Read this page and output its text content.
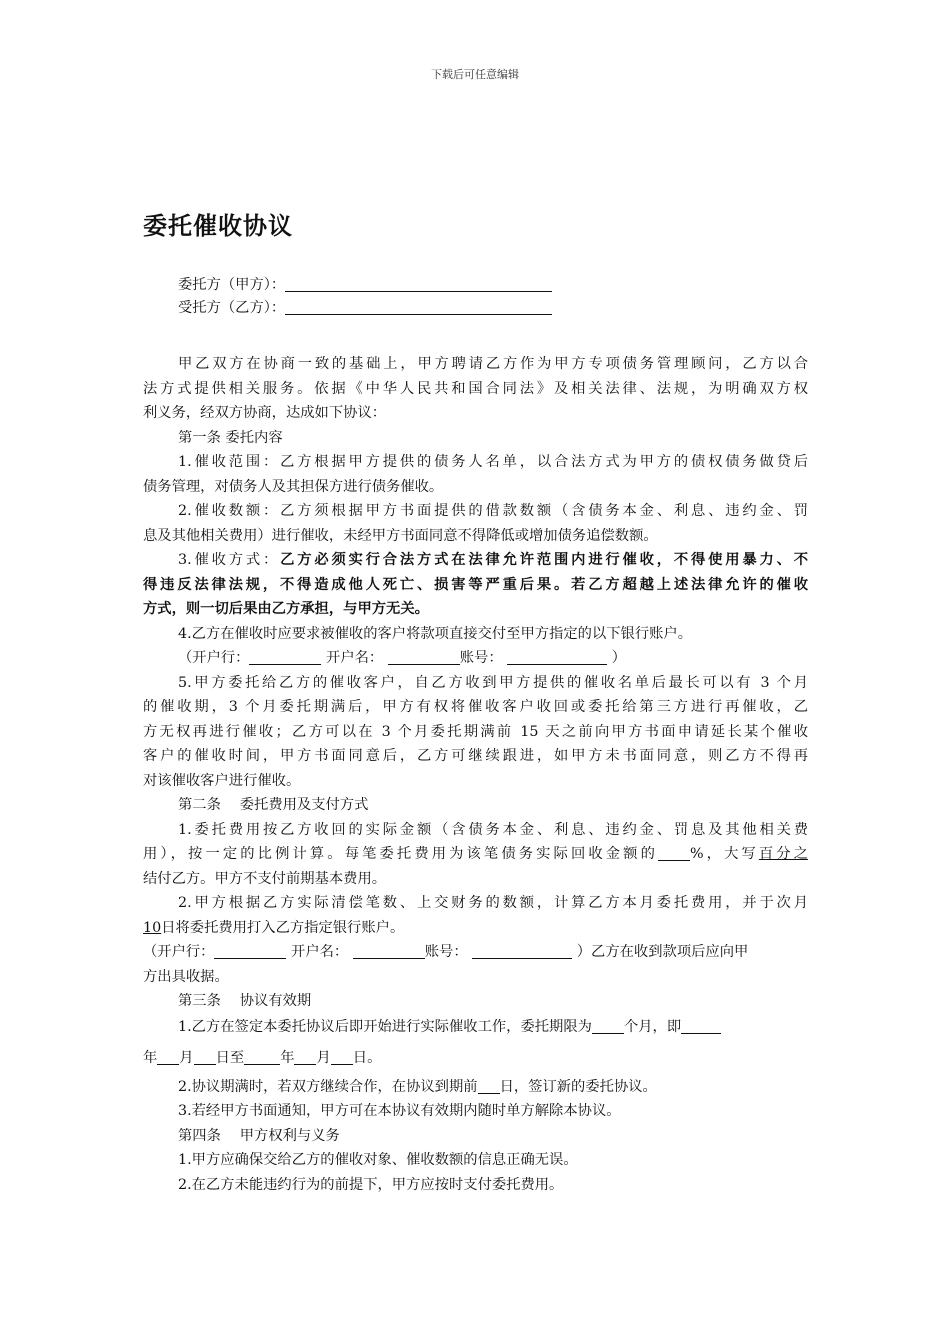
下载后可任意编辑
委托催收协议
委托方（甲方）：
受托方（乙方）：
甲乙双方在协商一致的基础上，甲方聘请乙方作为甲方专项债务管理顾问，乙方以合
法方式提供相关服务。依据《中华人民共和国合同法》及相关法律、法规，为明确双方权
利义务，经双方协商，达成如下协议：
第一条 委托内容
1.催收范围：乙方根据甲方提供的债务人名单，以合法方式为甲方的债权债务做贷后
债务管理，对债务人及其担保方进行债务催收。
2.催收数额：乙方须根据甲方书面提供的借款数额（含债务本金、利息、违约金、罚
息及其他相关费用）进行催收，未经甲方书面同意不得降低或增加债务追偿数额。
3.催收方式：乙方必须实行合法方式在法律允许范围内进行催收，不得使用暴力、不
得违反法律法规，不得造成他人死亡、损害等严重后果。若乙方超越上述法律允许的催收
方式，则一切后果由乙方承担，与甲方无关。
4.乙方在催收时应要求被催收的客户将款项直接交付至甲方指定的以下银行账户。
（开户行：	开户名：	账号：	）
5.甲方委托给乙方的催收客户，自乙方收到甲方提供的催收名单后最长可以有 3 个月
的催收期，3 个月委托期满后，甲方有权将催收客户收回或委托给第三方进行再催收，乙
方无权再进行催收；乙方可以在 3 个月委托期满前 15 天之前向甲方书面申请延长某个催收
客户的催收时间，甲方书面同意后，乙方可继续跟进，如甲方未书面同意，则乙方不得再
对该催收客户进行催收。
第二条　 委托费用及支付方式
1.委托费用按乙方收回的实际金额（含债务本金、利息、违约金、罚息及其他相关费
用），按一定的比例计算。每笔委托费用为该笔债务实际回收金额的 %，大写百分之
结付乙方。甲方不支付前期基本费用。
2.甲方根据乙方实际清偿笔数、上交财务的数额，计算乙方本月委托费用，并于次月
10日将委托费用打入乙方指定银行账户。
（开户行：	开户名：	账号：	）乙方在收到款项后应向甲
方出具收据。
第三条　 协议有效期
1.乙方在签定本委托协议后即开始进行实际催收工作，委托期限为 个月，即
年 月 日至	年 月 日。
2.协议期满时，若双方继续合作，在协议到期前 日，签订新的委托协议。
3.若经甲方书面通知，甲方可在本协议有效期内随时单方解除本协议。
第四条　 甲方权利与义务
1.甲方应确保交给乙方的催收对象、催收数额的信息正确无误。
2.在乙方未能违约行为的前提下，甲方应按时支付委托费用。
